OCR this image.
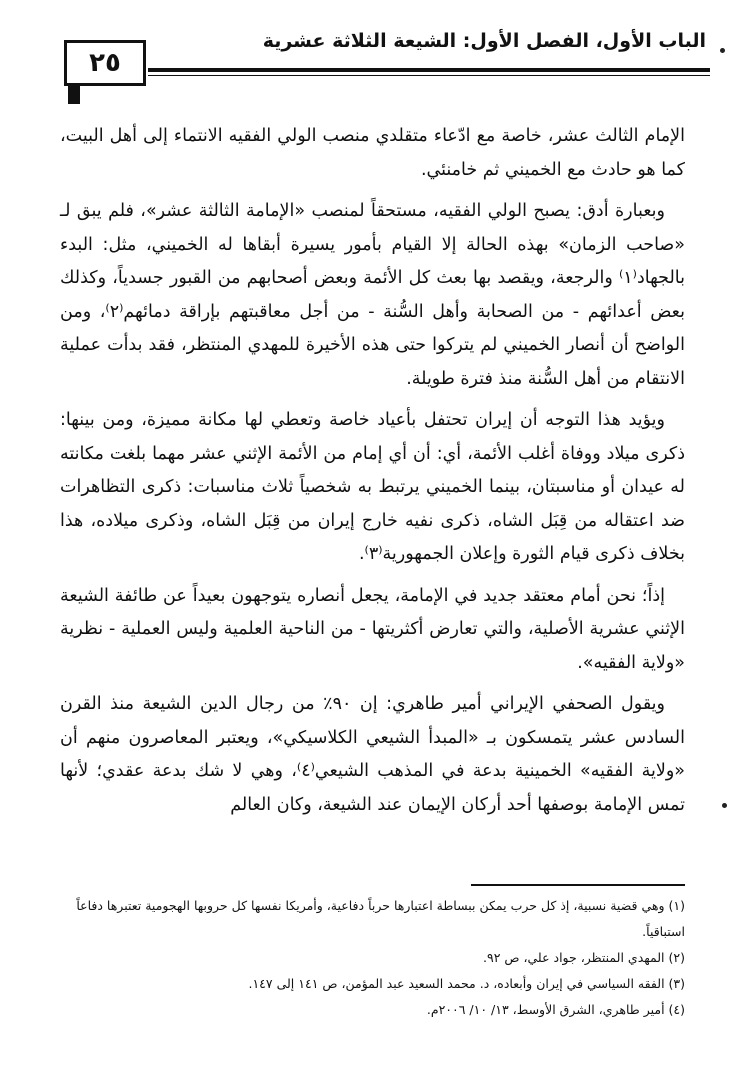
٢٥
الباب الأول، الفصل الأول: الشيعة الثلاثة عشرية

الإمام الثالث عشر، خاصة مع ادّعاء متقلدي منصب الولي الفقيه الانتماء إلى أهل البيت، كما هو حادث مع الخميني ثم خامنئي.

وبعبارة أدق: يصبح الولي الفقيه، مستحقاً لمنصب «الإمامة الثالثة عشر»، فلم يبق لـ «صاحب الزمان» بهذه الحالة إلا القيام بأمور يسيرة أبقاها له الخميني، مثل: البدء بالجهاد⁽١⁾ والرجعة، ويقصد بها بعث كل الأئمة وبعض أصحابهم من القبور جسدياً، وكذلك بعض أعدائهم - من الصحابة وأهل السُّنة - من أجل معاقبتهم بإراقة دمائهم⁽٢⁾، ومن الواضح أن أنصار الخميني لم يتركوا حتى هذه الأخيرة للمهدي المنتظر، فقد بدأت عملية الانتقام من أهل السُّنة منذ فترة طويلة.

ويؤيد هذا التوجه أن إيران تحتفل بأعياد خاصة وتعطي لها مكانة مميزة، ومن بينها: ذكرى ميلاد ووفاة أغلب الأئمة، أي: أن أي إمام من الأئمة الإثني عشر مهما بلغت مكانته له عيدان أو مناسبتان، بينما الخميني يرتبط به شخصياً ثلاث مناسبات: ذكرى التظاهرات ضد اعتقاله من قِبَل الشاه، ذكرى نفيه خارج إيران من قِبَل الشاه، وذكرى ميلاده، هذا بخلاف ذكرى قيام الثورة وإعلان الجمهورية⁽٣⁾.

إذاً؛ نحن أمام معتقد جديد في الإمامة، يجعل أنصاره يتوجهون بعيداً عن طائفة الشيعة الإثني عشرية الأصلية، والتي تعارض أكثريتها - من الناحية العلمية وليس العملية - نظرية «ولاية الفقيه».

ويقول الصحفي الإيراني أمير طاهري: إن ٩٠٪ من رجال الدين الشيعة منذ القرن السادس عشر يتمسكون بـ «المبدأ الشيعي الكلاسيكي»، ويعتبر المعاصرون منهم أن «ولاية الفقيه» الخمينية بدعة في المذهب الشيعي⁽٤⁾، وهي لا شك بدعة عقدي؛ لأنها تمس الإمامة بوصفها أحد أركان الإيمان عند الشيعة، وكان العالم

(١) وهي قضية نسبية، إذ كل حرب يمكن ببساطة اعتبارها حرباً دفاعية، وأمريكا نفسها كل حروبها الهجومية تعتبرها دفاعاً استباقياً.
(٢) المهدي المنتظر، جواد علي، ص ٩٢.
(٣) الفقه السياسي في إيران وأبعاده، د. محمد السعيد عبد المؤمن، ص ١٤١ إلى ١٤٧.
(٤) أمير طاهري، الشرق الأوسط، ١٣/ ١٠/ ٢٠٠٦م.
